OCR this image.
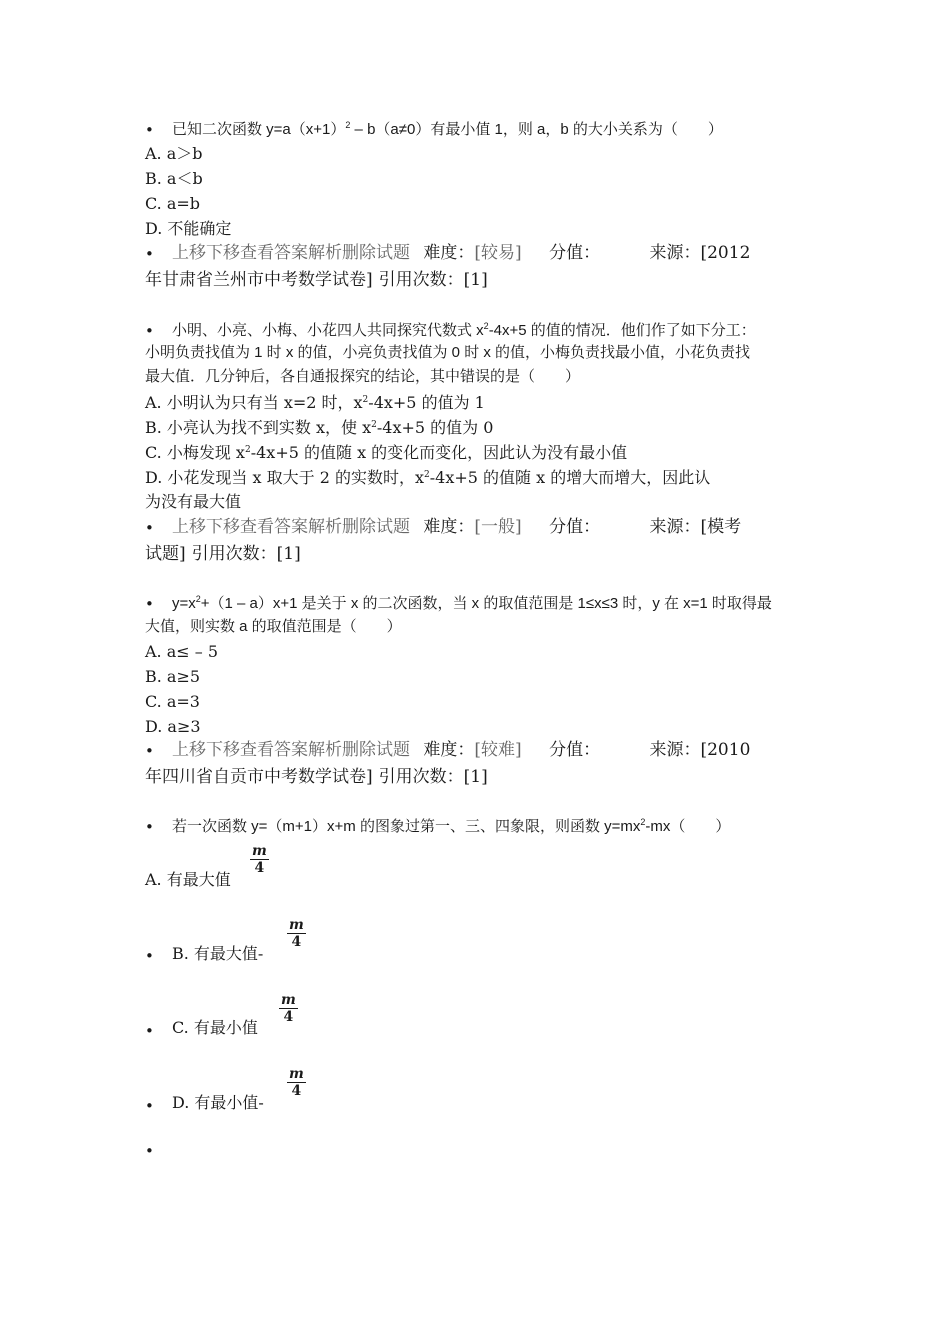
• 已知二次函数 $y=a(x+1)^2 - b(a\ne 0)$有最小值 1，则 a，b 的大小关系为（　　）
A. a＞b
B. a＜b
C. a=b
D. 不能确定
• 上移下移查看答案解析删除试题 难度：[较易] 分值：	来源：[2012
年甘肃省兰州市中考数学试卷] 引用次数：[1]
• 小明、小亮、小梅、小花四人共同探究代数式 $x^2-4x+5$ 的值的情况．他们作了如下分工：
小明负责找值为 1 时 x 的值，小亮负责找值为 0 时 x 的值，小梅负责找最小值，小花负责找
最大值．几分钟后，各自通报探究的结论，其中错误的是（　　）
A. 小明认为只有当 x=2 时，$x^2-4x+5$ 的值为 1
B. 小亮认为找不到实数 x，使 $x^2-4x+5$ 的值为 0
C. 小梅发现 $x^2-4x+5$ 的值随 x 的变化而变化，因此认为没有最小值
D. 小花发现当 x 取大于 2 的实数时，$x^2-4x+5$ 的值随 x 的增大而增大，因此认
为没有最大值
• 上移下移查看答案解析删除试题 难度：[一般] 分值：	来源：[模考
试题] 引用次数：[1]
• $y=x^2+(1 - a)x+1$ 是关于 x 的二次函数，当 x 的取值范围是 1≤x≤3 时，y 在 x=1 时取得最
大值，则实数 a 的取值范围是（　　）
A. a≤ – 5
B. a≥5
C. a=3
D. a≥3
• 上移下移查看答案解析删除试题 难度：[较难] 分值：	来源：[2010
年四川省自贡市中考数学试卷] 引用次数：[1]
• 若一次函数 y=（m+1）x+m 的图象过第一、三、四象限，则函数 $y=mx^2-mx$（　　）
A. 有最大值
m
4
• B. 有最大值-
m
4
• C. 有最小值
m
4
• D. 有最小值-
m
4
•
